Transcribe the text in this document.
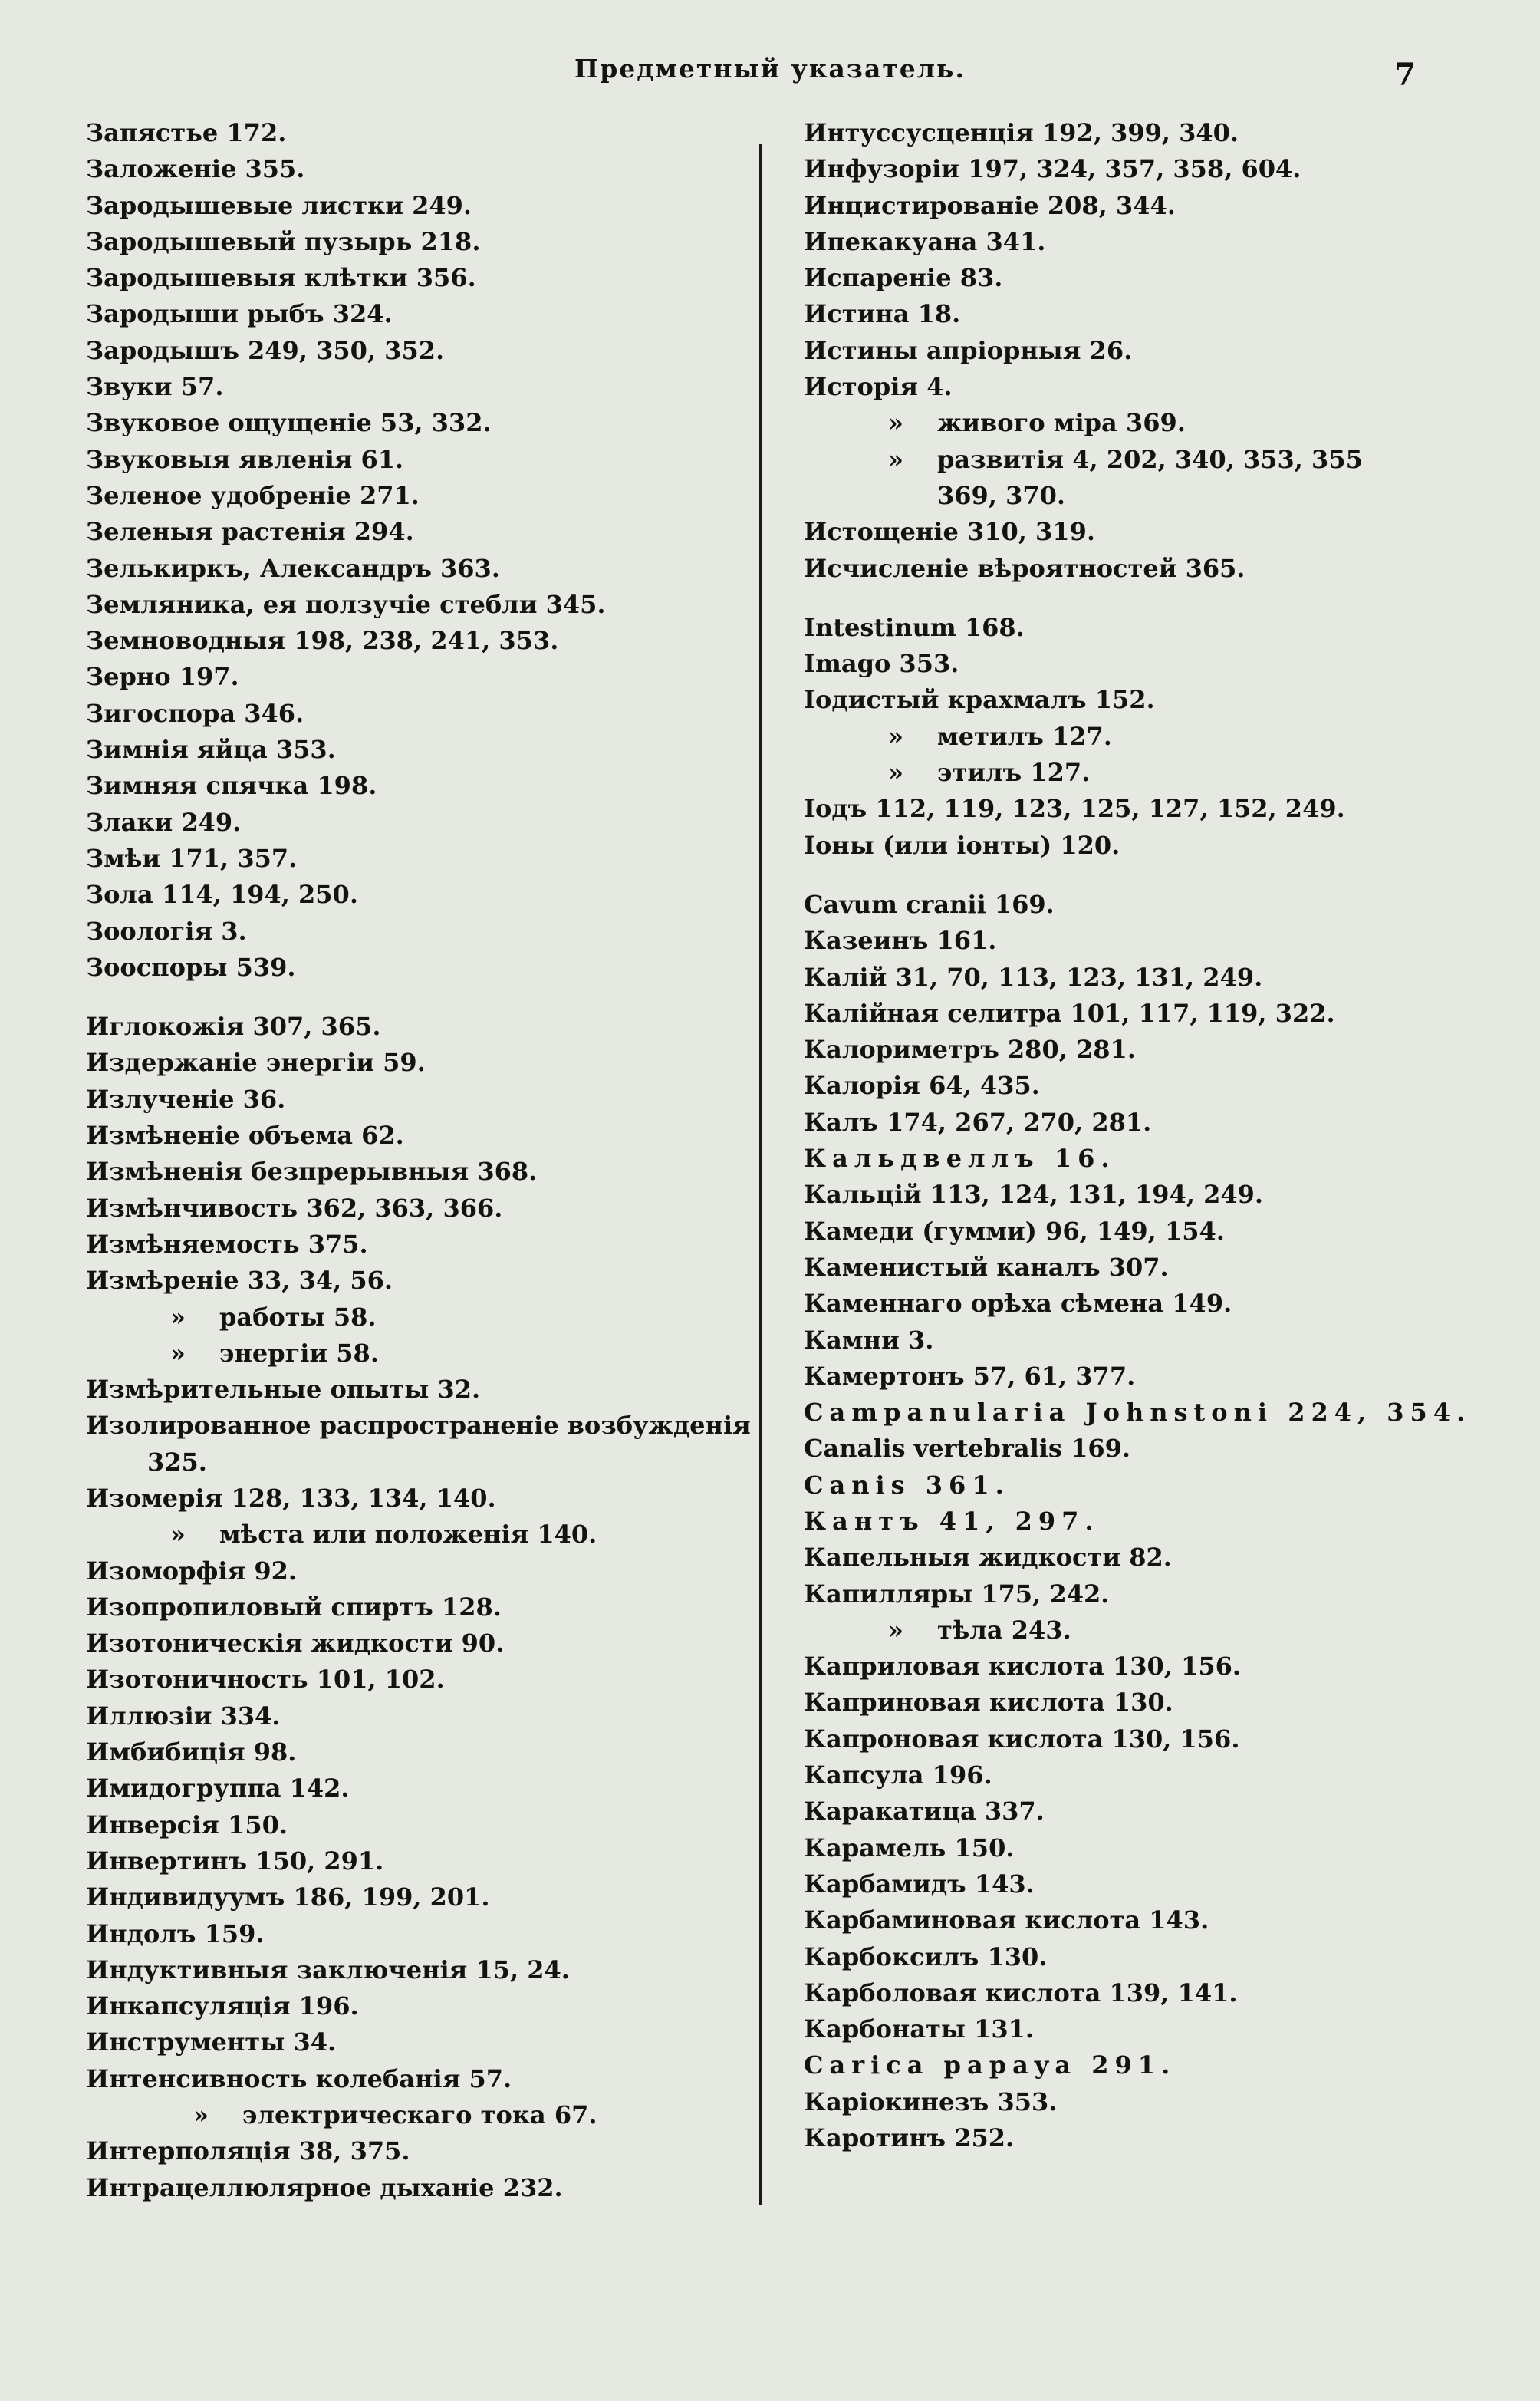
Предметный указатель.	7
Запястье 172.
Заложеніе 355.
Зародышевые листки 249.
Зародышевый пузырь 218.
Зародышевыя клѣтки 356.
Зародыши рыбъ 324.
Зародышъ 249, 350, 352.
Звуки 57.
Звуковое ощущеніе 53, 332.
Звуковыя явленія 61.
Зеленое удобреніе 271.
Зеленыя растенія 294.
Зелькиркъ, Александръ 363.
Земляника, ея ползучіе стебли 345.
Земноводныя 198, 238, 241, 353.
Зерно 197.
Зигоспора 346.
Зимнія яйца 353.
Зимняя спячка 198.
Злаки 249.
Змѣи 171, 357.
Зола 114, 194, 250.
Зоологія 3.
Зооспоры 539.
Иглокожія 307, 365.
Издержаніе энергіи 59.
Излученіе 36.
Измѣненіе объема 62.
Измѣненія безпрерывныя 368.
Измѣнчивость 362, 363, 366.
Измѣняемость 375.
Измѣреніе 33, 34, 56.
» работы 58.
» энергіи 58.
Измѣрительные опыты 32.
Изолированное распространеніе возбужденія
325.
Изомерія 128, 133, 134, 140.
» мѣста или положенія 140.
Изоморфія 92.
Изопропиловый спиртъ 128.
Изотоническія жидкости 90.
Изотоничность 101, 102.
Иллюзіи 334.
Имбибиція 98.
Имидогруппа 142.
Инверсія 150.
Инвертинъ 150, 291.
Индивидуумъ 186, 199, 201.
Индолъ 159.
Индуктивныя заключенія 15, 24.
Инкапсуляція 196.
Инструменты 34.
Интенсивность колебанія 57.
» электрическаго тока 67.
Интерполяція 38, 375.
Интрацеллюлярное дыханіе 232.
Интуссусценція 192, 399, 340.
Инфузоріи 197, 324, 357, 358, 604.
Инцистированіе 208, 344.
Ипекакуана 341.
Испареніе 83.
Истина 18.
Истины апріорныя 26.
Исторія 4.
» живого міра 369.
» развитія 4, 202, 340, 353, 355
369, 370.
Истощеніе 310, 319.
Исчисленіе вѣроятностей 365.
Intestinum 168.
Imago 353.
Іодистый крахмалъ 152.
» метилъ 127.
» этилъ 127.
Іодъ 112, 119, 123, 125, 127, 152, 249.
Іоны (или іонты) 120.
Cavum cranii 169.
Казеинъ 161.
Калій 31, 70, 113, 123, 131, 249.
Калійная селитра 101, 117, 119, 322.
Калориметръ 280, 281.
Калорія 64, 435.
Калъ 174, 267, 270, 281.
Кальдвеллъ 16.
Кальцій 113, 124, 131, 194, 249.
Камеди (гумми) 96, 149, 154.
Каменистый каналъ 307.
Каменнаго орѣха сѣмена 149.
Камни 3.
Камертонъ 57, 61, 377.
Campanularia Johnstoni 224, 354.
Canalis vertebralis 169.
Canis 361.
Кантъ 41, 297.
Капельныя жидкости 82.
Капилляры 175, 242.
» тѣла 243.
Каприловая кислота 130, 156.
Каприновая кислота 130.
Капроновая кислота 130, 156.
Капсула 196.
Каракатица 337.
Карамель 150.
Карбамидъ 143.
Карбаминовая кислота 143.
Карбоксилъ 130.
Карболовая кислота 139, 141.
Карбонаты 131.
Carica papaya 291.
Каріокинезъ 353.
Каротинъ 252.
